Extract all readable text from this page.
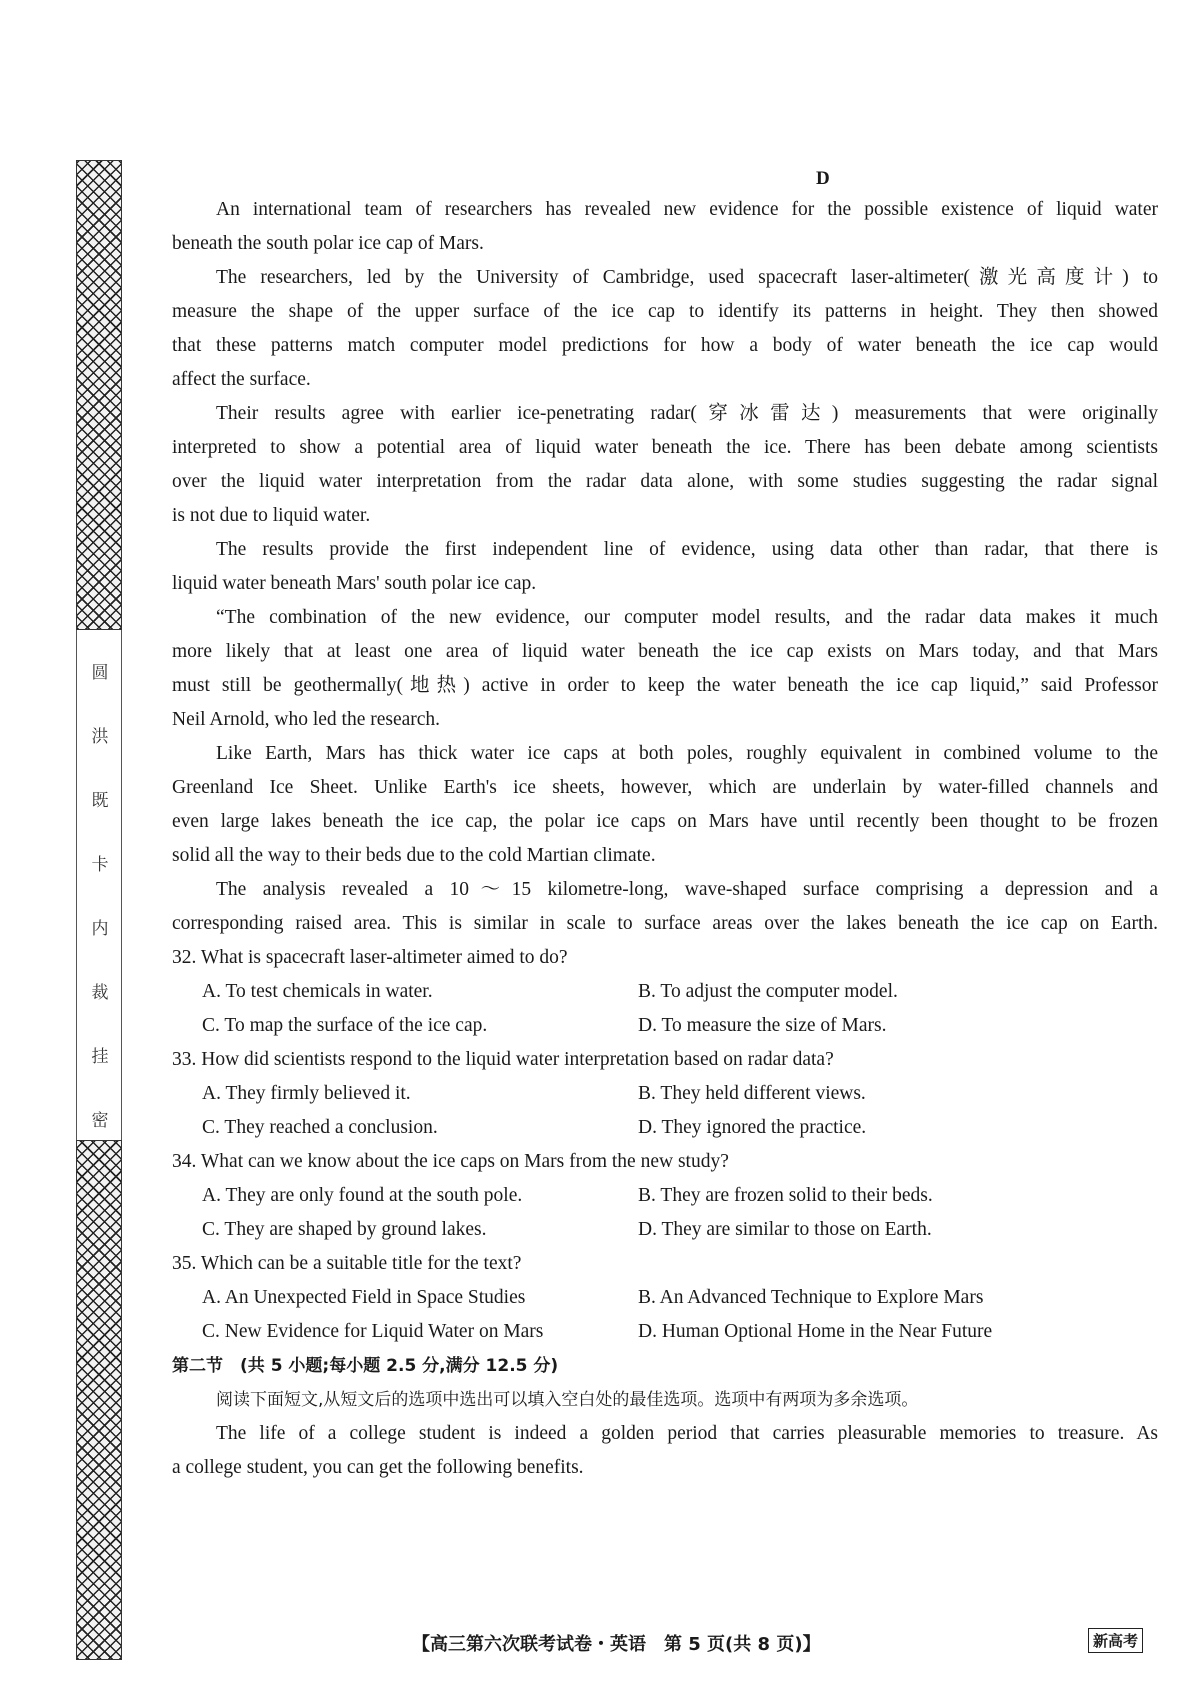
圆
洪
既
卡
内
裁
挂
密
D
An international team of researchers has revealed new evidence for the possible existence of liquid water
beneath the south polar ice cap of Mars.
The researchers, led by the University of Cambridge, used spacecraft laser-altimeter(激光高度计) to
measure the shape of the upper surface of the ice cap to identify its patterns in height. They then showed
that these patterns match computer model predictions for how a body of water beneath the ice cap would
affect the surface.
Their results agree with earlier ice-penetrating radar(穿冰雷达) measurements that were originally
interpreted to show a potential area of liquid water beneath the ice. There has been debate among scientists
over the liquid water interpretation from the radar data alone, with some studies suggesting the radar signal
is not due to liquid water.
The results provide the first independent line of evidence, using data other than radar, that there is
liquid water beneath Mars' south polar ice cap.
“The combination of the new evidence, our computer model results, and the radar data makes it much
more likely that at least one area of liquid water beneath the ice cap exists on Mars today, and that Mars
must still be geothermally(地热) active in order to keep the water beneath the ice cap liquid,” said Professor
Neil Arnold, who led the research.
Like Earth, Mars has thick water ice caps at both poles, roughly equivalent in combined volume to the
Greenland Ice Sheet. Unlike Earth's ice sheets, however, which are underlain by water-filled channels and
even large lakes beneath the ice cap, the polar ice caps on Mars have until recently been thought to be frozen
solid all the way to their beds due to the cold Martian climate.
The analysis revealed a 10～15 kilometre-long, wave-shaped surface comprising a depression and a
corresponding raised area. This is similar in scale to surface areas over the lakes beneath the ice cap on Earth.
32. What is spacecraft laser-altimeter aimed to do?
A. To test chemicals in water.	B. To adjust the computer model.
C. To map the surface of the ice cap.	D. To measure the size of Mars.
33. How did scientists respond to the liquid water interpretation based on radar data?
A. They firmly believed it.	B. They held different views.
C. They reached a conclusion.	D. They ignored the practice.
34. What can we know about the ice caps on Mars from the new study?
A. They are only found at the south pole.	B. They are frozen solid to their beds.
C. They are shaped by ground lakes.	D. They are similar to those on Earth.
35. Which can be a suitable title for the text?
A. An Unexpected Field in Space Studies	B. An Advanced Technique to Explore Mars
C. New Evidence for Liquid Water on Mars	D. Human Optional Home in the Near Future
第二节　(共 5 小题;每小题 2.5 分,满分 12.5 分)
阅读下面短文,从短文后的选项中选出可以填入空白处的最佳选项。选项中有两项为多余选项。
The life of a college student is indeed a golden period that carries pleasurable memories to treasure. As
a college student, you can get the following benefits.
【高三第六次联考试卷・英语　第 5 页(共 8 页)】	新高考
